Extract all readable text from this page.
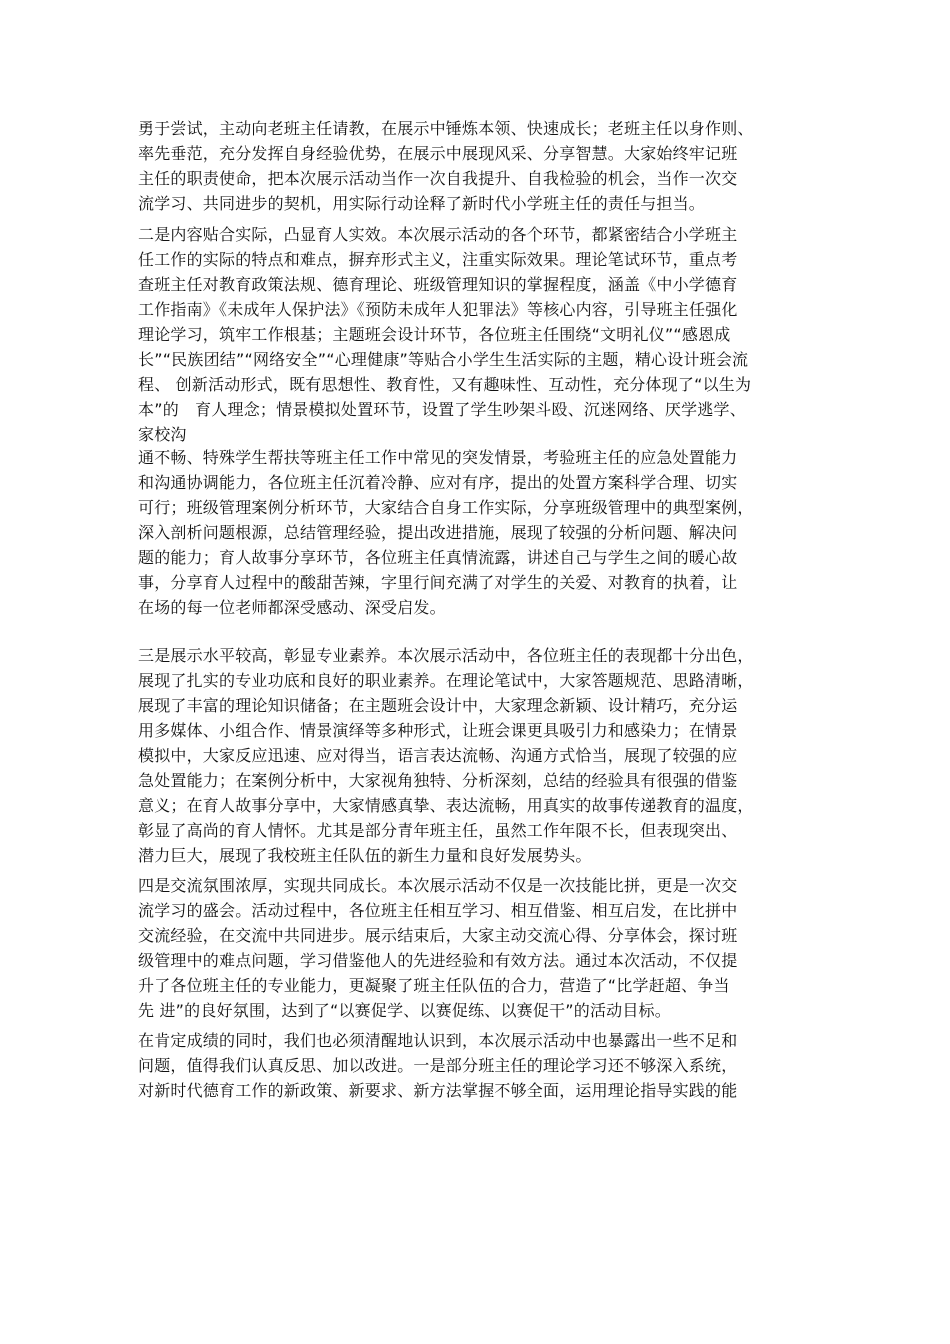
勇于尝试，主动向老班主任请教，在展示中锤炼本领、快速成长；老班主任以身作则、
率先垂范，充分发挥自身经验优势，在展示中展现风采、分享智慧。大家始终牢记班
主任的职责使命，把本次展示活动当作一次自我提升、自我检验的机会，当作一次交
流学习、共同进步的契机，用实际行动诠释了新时代小学班主任的责任与担当。
二是内容贴合实际，凸显育人实效。本次展示活动的各个环节，都紧密结合小学班主
任工作的实际的特点和难点，摒弃形式主义，注重实际效果。理论笔试环节，重点考
查班主任对教育政策法规、德育理论、班级管理知识的掌握程度，涵盖《中小学德育
工作指南》《未成年人保护法》《预防未成年人犯罪法》等核心内容，引导班主任强化
理论学习，筑牢工作根基；主题班会设计环节，各位班主任围绕“文明礼仪”“感恩成
长”“民族团结”“网络安全”“心理健康”等贴合小学生生活实际的主题，精心设计班会流
程、 创新活动形式，既有思想性、教育性，又有趣味性、互动性，充分体现了“以生为
本”的　育人理念；情景模拟处置环节，设置了学生吵架斗殴、沉迷网络、厌学逃学、
家校沟
通不畅、特殊学生帮扶等班主任工作中常见的突发情景，考验班主任的应急处置能力
和沟通协调能力，各位班主任沉着冷静、应对有序，提出的处置方案科学合理、切实
可行；班级管理案例分析环节，大家结合自身工作实际，分享班级管理中的典型案例，
深入剖析问题根源，总结管理经验，提出改进措施，展现了较强的分析问题、解决问
题的能力；育人故事分享环节，各位班主任真情流露，讲述自己与学生之间的暖心故
事，分享育人过程中的酸甜苦辣，字里行间充满了对学生的关爱、对教育的执着，让
在场的每一位老师都深受感动、深受启发。
三是展示水平较高，彰显专业素养。本次展示活动中，各位班主任的表现都十分出色，
展现了扎实的专业功底和良好的职业素养。在理论笔试中，大家答题规范、思路清晰，
展现了丰富的理论知识储备；在主题班会设计中，大家理念新颖、设计精巧，充分运
用多媒体、小组合作、情景演绎等多种形式，让班会课更具吸引力和感染力；在情景
模拟中，大家反应迅速、应对得当，语言表达流畅、沟通方式恰当，展现了较强的应
急处置能力；在案例分析中，大家视角独特、分析深刻，总结的经验具有很强的借鉴
意义；在育人故事分享中，大家情感真挚、表达流畅，用真实的故事传递教育的温度，
彰显了高尚的育人情怀。尤其是部分青年班主任，虽然工作年限不长，但表现突出、
潜力巨大，展现了我校班主任队伍的新生力量和良好发展势头。
四是交流氛围浓厚，实现共同成长。本次展示活动不仅是一次技能比拼，更是一次交
流学习的盛会。活动过程中，各位班主任相互学习、相互借鉴、相互启发，在比拼中
交流经验，在交流中共同进步。展示结束后，大家主动交流心得、分享体会，探讨班
级管理中的难点问题，学习借鉴他人的先进经验和有效方法。通过本次活动，不仅提
升了各位班主任的专业能力，更凝聚了班主任队伍的合力，营造了“比学赶超、争当
先 进”的良好氛围，达到了“以赛促学、以赛促练、以赛促干”的活动目标。
在肯定成绩的同时，我们也必须清醒地认识到，本次展示活动中也暴露出一些不足和
问题，值得我们认真反思、加以改进。一是部分班主任的理论学习还不够深入系统，
对新时代德育工作的新政策、新要求、新方法掌握不够全面，运用理论指导实践的能
